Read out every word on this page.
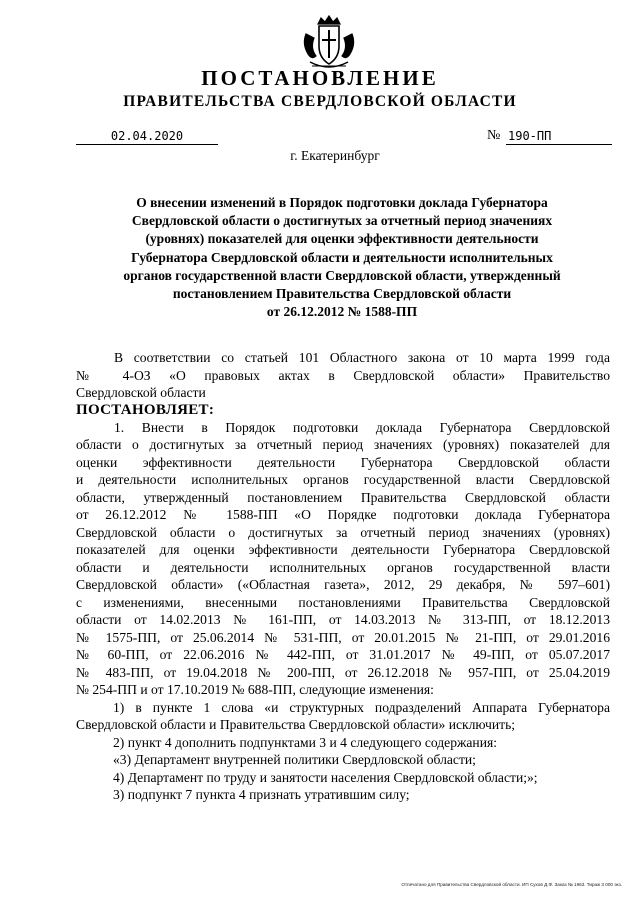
ПОСТАНОВЛЕНИЕ
ПРАВИТЕЛЬСТВА СВЕРДЛОВСКОЙ ОБЛАСТИ
02.04.2020	№ 190-ПП
г. Екатеринбург
О внесении изменений в Порядок подготовки доклада Губернатора
Свердловской области о достигнутых за отчетный период значениях
(уровнях) показателей для оценки эффективности деятельности
Губернатора Свердловской области и деятельности исполнительных
органов государственной власти Свердловской области, утвержденный
постановлением Правительства Свердловской области
от 26.12.2012 № 1588-ПП
В соответствии со статьей 101 Областного закона от 10 марта 1999 года
№ 4-ОЗ «О правовых актах в Свердловской области» Правительство
Свердловской области
ПОСТАНОВЛЯЕТ:
1. Внести в Порядок подготовки доклада Губернатора Свердловской
области о достигнутых за отчетный период значениях (уровнях) показателей для
оценки эффективности деятельности Губернатора Свердловской области
и деятельности исполнительных органов государственной власти Свердловской
области, утвержденный постановлением Правительства Свердловской области
от 26.12.2012 № 1588-ПП «О Порядке подготовки доклада Губернатора
Свердловской области о достигнутых за отчетный период значениях (уровнях)
показателей для оценки эффективности деятельности Губернатора Свердловской
области и деятельности исполнительных органов государственной власти
Свердловской области» («Областная газета», 2012, 29 декабря, № 597–601)
с изменениями, внесенными постановлениями Правительства Свердловской
области от 14.02.2013 № 161-ПП, от 14.03.2013 № 313-ПП, от 18.12.2013
№ 1575-ПП, от 25.06.2014 № 531-ПП, от 20.01.2015 № 21-ПП, от 29.01.2016
№ 60-ПП, от 22.06.2016 № 442-ПП, от 31.01.2017 № 49-ПП, от 05.07.2017
№ 483-ПП, от 19.04.2018 № 200-ПП, от 26.12.2018 № 957-ПП, от 25.04.2019
№ 254-ПП и от 17.10.2019 № 688-ПП, следующие изменения:
1) в пункте 1 слова «и структурных подразделений Аппарата Губернатора
Свердловской области и Правительства Свердловской области» исключить;
2) пункт 4 дополнить подпунктами 3 и 4 следующего содержания:
«3) Департамент внутренней политики Свердловской области;
4) Департамент по труду и занятости населения Свердловской области;»;
3) подпункт 7 пункта 4 признать утратившим силу;
Отпечатано для Правительства Свердловской области. ИП Сухов Д.Ф. Заказ № 1963. Тираж 3 000 экз.
